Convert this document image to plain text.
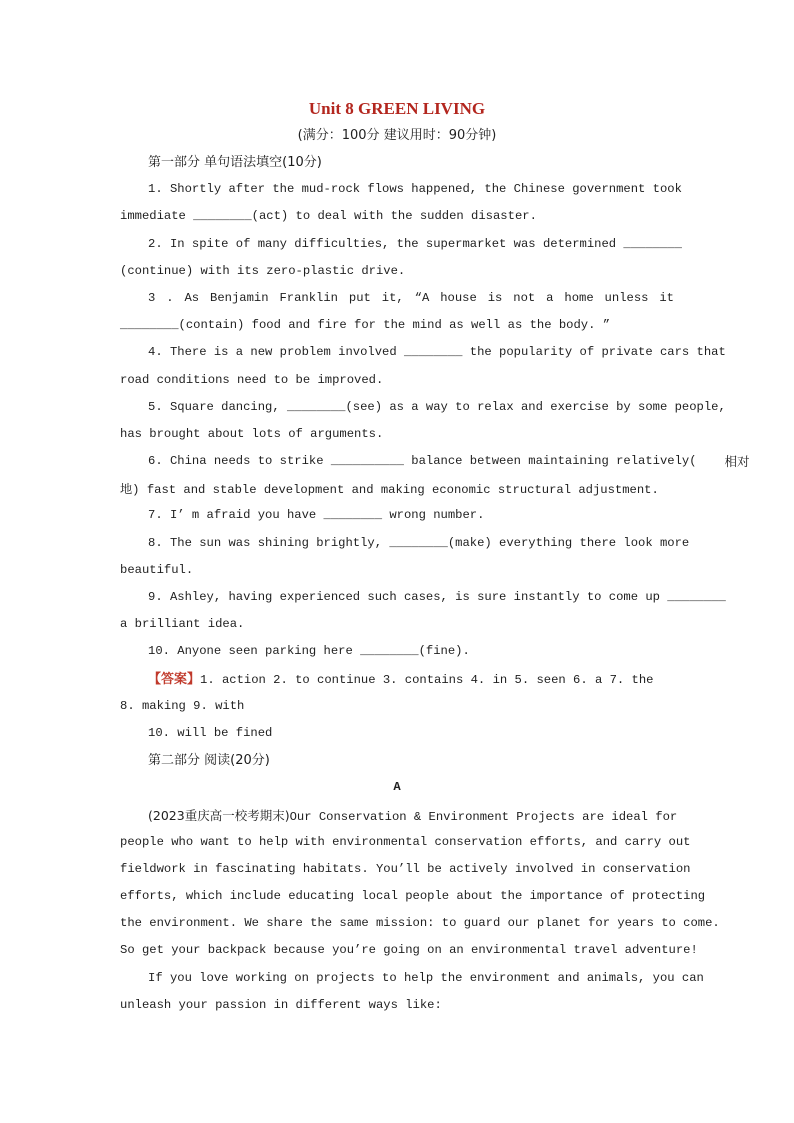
Unit 8 GREEN LIVING
(满分：100分 建议用时：90分钟)
第一部分 单句语法填空(10分)
1. Shortly after the mud-rock flows happened, the Chinese government took
immediate ________(act) to deal with the sudden disaster.
2. In spite of many difficulties, the supermarket was determined ________
(continue) with its zero-plastic drive.
3 . As Benjamin Franklin put it, “A house is not a home unless it
________(contain) food and fire for the mind as well as the body. ”
4. There is a new problem involved ________ the popularity of private cars that
road conditions need to be improved.
5. Square dancing, ________(see) as a way to relax and exercise by some people,
has brought about lots of arguments.
6. China needs to strike __________ balance between maintaining relatively(	相对
地) fast and stable development and making economic structural adjustment.
7. I’ m afraid you have ________ wrong number.
8. The sun was shining brightly, ________(make) everything there look more
beautiful.
9. Ashley, having experienced such cases, is sure instantly to come up ________
a brilliant idea.
10. Anyone seen parking here ________(fine).
【答案】1. action 2. to continue 3. contains 4. in 5. seen 6. a 7. the
8. making 9. with
10. will be fined
第二部分 阅读(20分)
A
(2023重庆高一校考期末)Our Conservation & Environment Projects are ideal for
people who want to help with environmental conservation efforts, and carry out
fieldwork in fascinating habitats. You’ll be actively involved in conservation
efforts, which include educating local people about the importance of protecting
the environment. We share the same mission: to guard our planet for years to come.
So get your backpack because you’re going on an environmental travel adventure!
If you love working on projects to help the environment and animals, you can
unleash your passion in different ways like:
